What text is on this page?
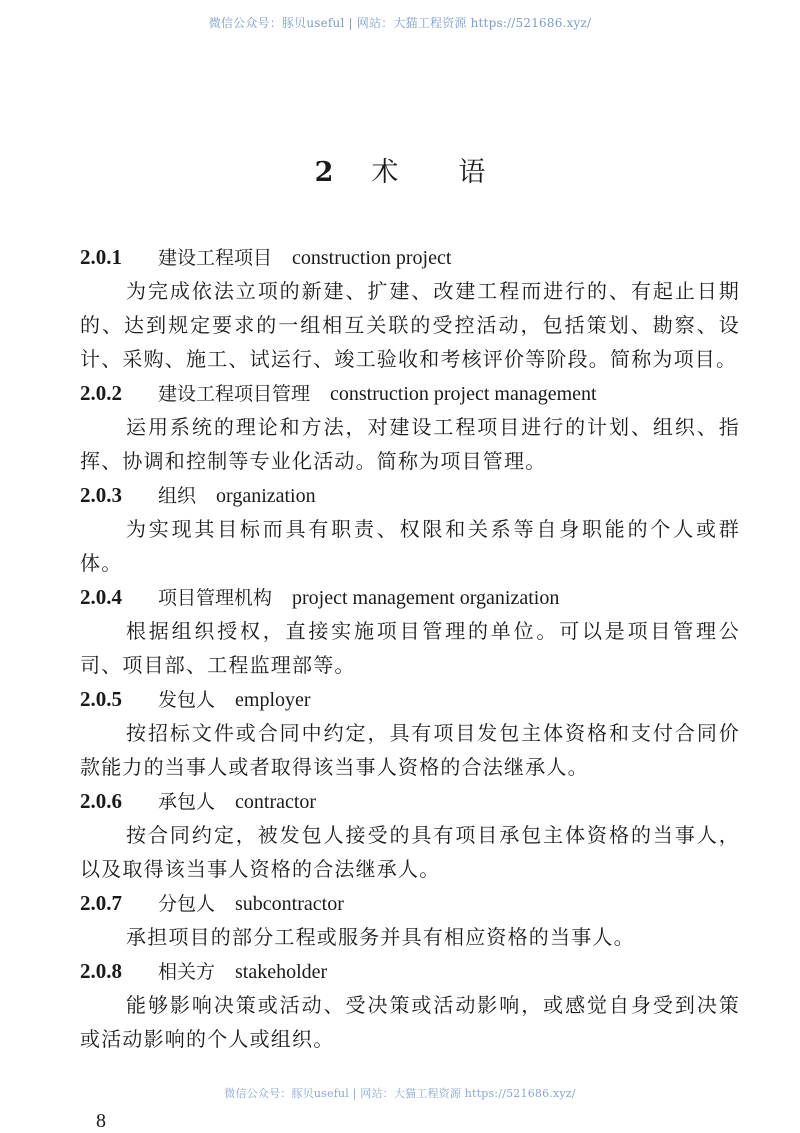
微信公众号：豚贝useful | 网站：大猫工程资源 https://521686.xyz/
2 术 语
2.0.1 建设工程项目 construction project
为完成依法立项的新建、扩建、改建工程而进行的、有起止日期的、达到规定要求的一组相互关联的受控活动，包括策划、勘察、设计、采购、施工、试运行、竣工验收和考核评价等阶段。简称为项目。
2.0.2 建设工程项目管理 construction project management
运用系统的理论和方法，对建设工程项目进行的计划、组织、指挥、协调和控制等专业化活动。简称为项目管理。
2.0.3 组织 organization
为实现其目标而具有职责、权限和关系等自身职能的个人或群体。
2.0.4 项目管理机构 project management organization
根据组织授权，直接实施项目管理的单位。可以是项目管理公司、项目部、工程监理部等。
2.0.5 发包人 employer
按招标文件或合同中约定，具有项目发包主体资格和支付合同价款能力的当事人或者取得该当事人资格的合法继承人。
2.0.6 承包人 contractor
按合同约定，被发包人接受的具有项目承包主体资格的当事人，以及取得该当事人资格的合法继承人。
2.0.7 分包人 subcontractor
承担项目的部分工程或服务并具有相应资格的当事人。
2.0.8 相关方 stakeholder
能够影响决策或活动、受决策或活动影响，或感觉自身受到决策或活动影响的个人或组织。
微信公众号：豚贝useful | 网站：大猫工程资源 https://521686.xyz/
8
